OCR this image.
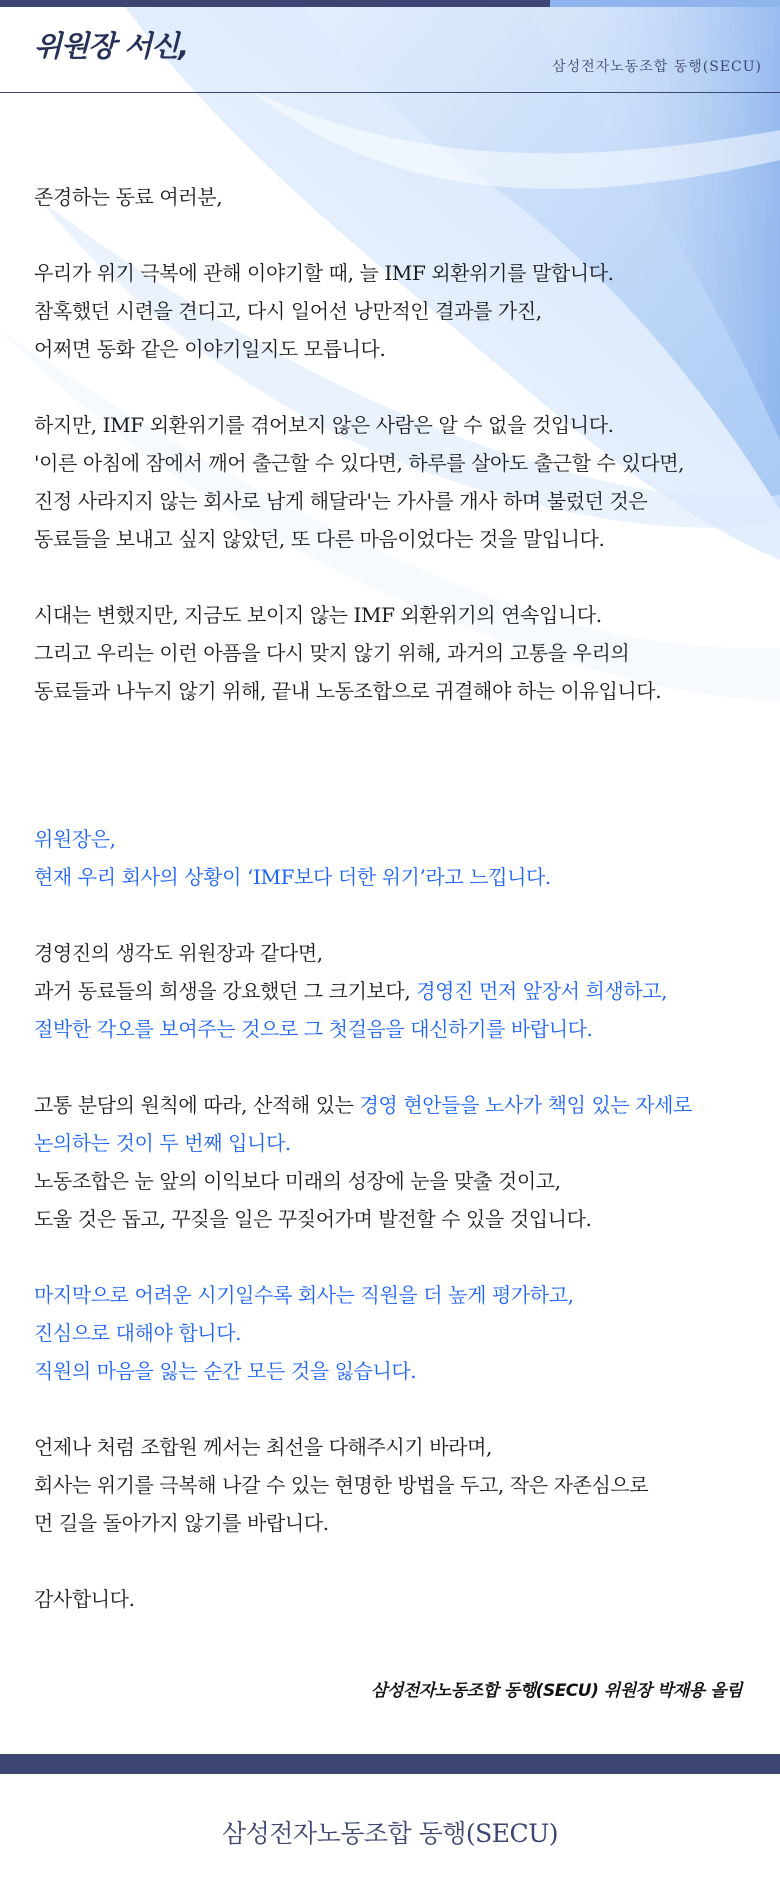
위원장 서신,
삼성전자노동조합 동행(SECU)
존경하는 동료 여러분,
우리가 위기 극복에 관해 이야기할 때, 늘 IMF 외환위기를 말합니다.
참혹했던 시련을 견디고, 다시 일어선 낭만적인 결과를 가진,
어쩌면 동화 같은 이야기일지도 모릅니다.
하지만, IMF 외환위기를 겪어보지 않은 사람은 알 수 없을 것입니다.
'이른 아침에 잠에서 깨어 출근할 수 있다면, 하루를 살아도 출근할 수 있다면,
진정 사라지지 않는 회사로 남게 해달라'는 가사를 개사 하며 불렀던 것은
동료들을 보내고 싶지 않았던, 또 다른 마음이었다는 것을 말입니다.
시대는 변했지만, 지금도 보이지 않는 IMF 외환위기의 연속입니다.
그리고 우리는 이런 아픔을 다시 맞지 않기 위해, 과거의 고통을 우리의
동료들과 나누지 않기 위해, 끝내 노동조합으로 귀결해야 하는 이유입니다.
위원장은,
현재 우리 회사의 상황이 ‘IMF보다 더한 위기’라고 느낍니다.
경영진의 생각도 위원장과 같다면,
과거 동료들의 희생을 강요했던 그 크기보다, 경영진 먼저 앞장서 희생하고,
절박한 각오를 보여주는 것으로 그 첫걸음을 대신하기를 바랍니다.
고통 분담의 원칙에 따라, 산적해 있는 경영 현안들을 노사가 책임 있는 자세로
논의하는 것이 두 번째 입니다.
노동조합은 눈 앞의 이익보다 미래의 성장에 눈을 맞출 것이고,
도울 것은 돕고, 꾸짖을 일은 꾸짖어가며 발전할 수 있을 것입니다.
마지막으로 어려운 시기일수록 회사는 직원을 더 높게 평가하고,
진심으로 대해야 합니다.
직원의 마음을 잃는 순간 모든 것을 잃습니다.
언제나 처럼 조합원 께서는 최선을 다해주시기 바라며,
회사는 위기를 극복해 나갈 수 있는 현명한 방법을 두고, 작은 자존심으로
먼 길을 돌아가지 않기를 바랍니다.
감사합니다.
삼성전자노동조합 동행(SECU) 위원장 박재용 올림
삼성전자노동조합 동행(SECU)
